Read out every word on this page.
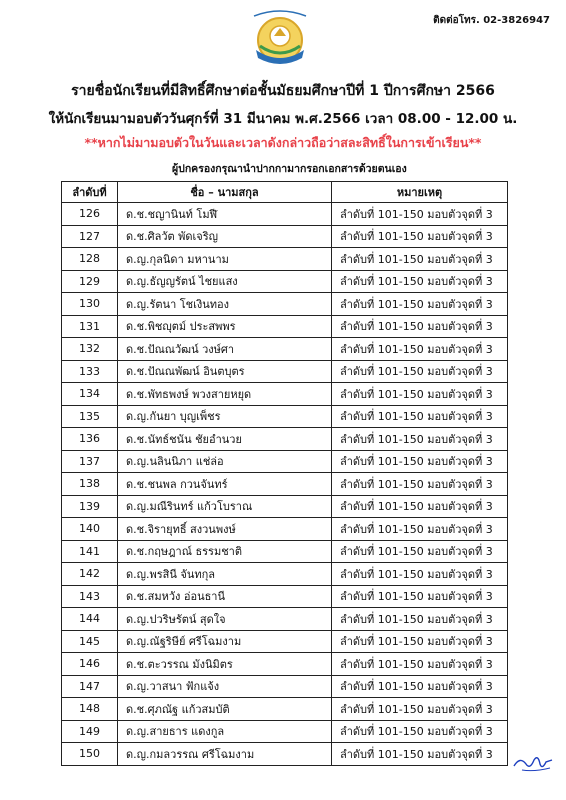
ติดต่อโทร. 02-3826947
รายชื่อนักเรียนที่มีสิทธิ์ศึกษาต่อชั้นมัธยมศึกษาปีที่ 1 ปีการศึกษา 2566
ให้นักเรียนมามอบตัววันศุกร์ที่ 31 มีนาคม พ.ศ.2566 เวลา 08.00 - 12.00 น.
**หากไม่มามอบตัวในวันและเวลาดังกล่าวถือว่าสละสิทธิ์ในการเข้าเรียน**
ผู้ปกครองกรุณานำปากกามากรอกเอกสารด้วยตนเอง
ลำดับที่	ชื่อ – นามสกุล	หมายเหตุ
126	ด.ช.ชญานินท์ โมฬี	ลำดับที่ 101-150 มอบตัวจุดที่ 3
127	ด.ช.ศิลวัต พัดเจริญ	ลำดับที่ 101-150 มอบตัวจุดที่ 3
128	ด.ญ.กุลนิดา มหานาม	ลำดับที่ 101-150 มอบตัวจุดที่ 3
129	ด.ญ.ธัญญรัตน์ ไชยแสง	ลำดับที่ 101-150 มอบตัวจุดที่ 3
130	ด.ญ.รัตนา โชเงินทอง	ลำดับที่ 101-150 มอบตัวจุดที่ 3
131	ด.ช.พิชญุตม์ ประสพพร	ลำดับที่ 101-150 มอบตัวจุดที่ 3
132	ด.ช.ปัณณวัฒน์ วงษ์ศา	ลำดับที่ 101-150 มอบตัวจุดที่ 3
133	ด.ช.ปัณณพัฒน์ อินตบุตร	ลำดับที่ 101-150 มอบตัวจุดที่ 3
134	ด.ช.พัทธพงษ์ พวงสายหยุด	ลำดับที่ 101-150 มอบตัวจุดที่ 3
135	ด.ญ.กันยา บุญเพ็ชร	ลำดับที่ 101-150 มอบตัวจุดที่ 3
136	ด.ช.นัทธ์ชนัน ชัยอำนวย	ลำดับที่ 101-150 มอบตัวจุดที่ 3
137	ด.ญ.นลินนิภา แช่ล่อ	ลำดับที่ 101-150 มอบตัวจุดที่ 3
138	ด.ช.ชนพล กวนจันทร์	ลำดับที่ 101-150 มอบตัวจุดที่ 3
139	ด.ญ.มณีรินทร์ แก้วโบราณ	ลำดับที่ 101-150 มอบตัวจุดที่ 3
140	ด.ช.จิรายุทธิ์ สงวนพงษ์	ลำดับที่ 101-150 มอบตัวจุดที่ 3
141	ด.ช.กฤษฎาณ์ ธรรมชาติ	ลำดับที่ 101-150 มอบตัวจุดที่ 3
142	ด.ญ.พรสินี จันทกุล	ลำดับที่ 101-150 มอบตัวจุดที่ 3
143	ด.ช.สมหวัง อ่อนธานี	ลำดับที่ 101-150 มอบตัวจุดที่ 3
144	ด.ญ.ปวริษรัตน์ สุดใจ	ลำดับที่ 101-150 มอบตัวจุดที่ 3
145	ด.ญ.ณัฐริษีย์ ศรีโฉมงาม	ลำดับที่ 101-150 มอบตัวจุดที่ 3
146	ด.ช.ตะวรรณ มังนิมิตร	ลำดับที่ 101-150 มอบตัวจุดที่ 3
147	ด.ญ.วาสนา ฟักแจ้ง	ลำดับที่ 101-150 มอบตัวจุดที่ 3
148	ด.ช.ศุภณัฐ แก้วสมบัติ	ลำดับที่ 101-150 มอบตัวจุดที่ 3
149	ด.ญ.สายธาร แดงกูล	ลำดับที่ 101-150 มอบตัวจุดที่ 3
150	ด.ญ.กมลวรรณ ศรีโฉมงาม	ลำดับที่ 101-150 มอบตัวจุดที่ 3
